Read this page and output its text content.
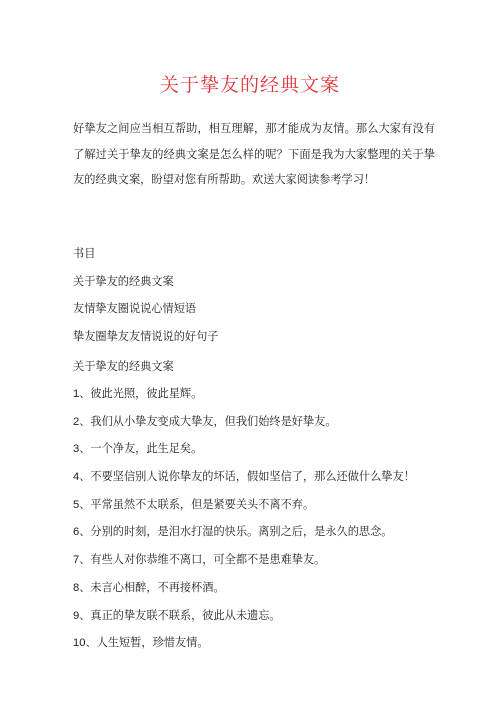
关于挚友的经典文案
好挚友之间应当相互帮助，相互理解，那才能成为友情。那么大家有没有了解过关于挚友的经典文案是怎么样的呢？下面是我为大家整理的关于挚友的经典文案，盼望对您有所帮助。欢送大家阅读参考学习！
书目
关于挚友的经典文案
友情挚友圈说说心情短语
挚友圈挚友友情说说的好句子
关于挚友的经典文案
1、彼此光照，彼此星辉。
2、我们从小挚友变成大挚友，但我们始终是好挚友。
3、一个净友，此生足矣。
4、不要坚信别人说你挚友的坏话，假如坚信了，那么还做什么挚友！
5、平常虽然不太联系，但是紧要关头不离不弃。
6、分别的时刻，是泪水打湿的快乐。离别之后，是永久的思念。
7、有些人对你恭维不离口，可全都不是患难挚友。
8、未言心相醉，不再接杯酒。
9、真正的挚友联不联系，彼此从未遗忘。
10、人生短暂，珍惜友情。
